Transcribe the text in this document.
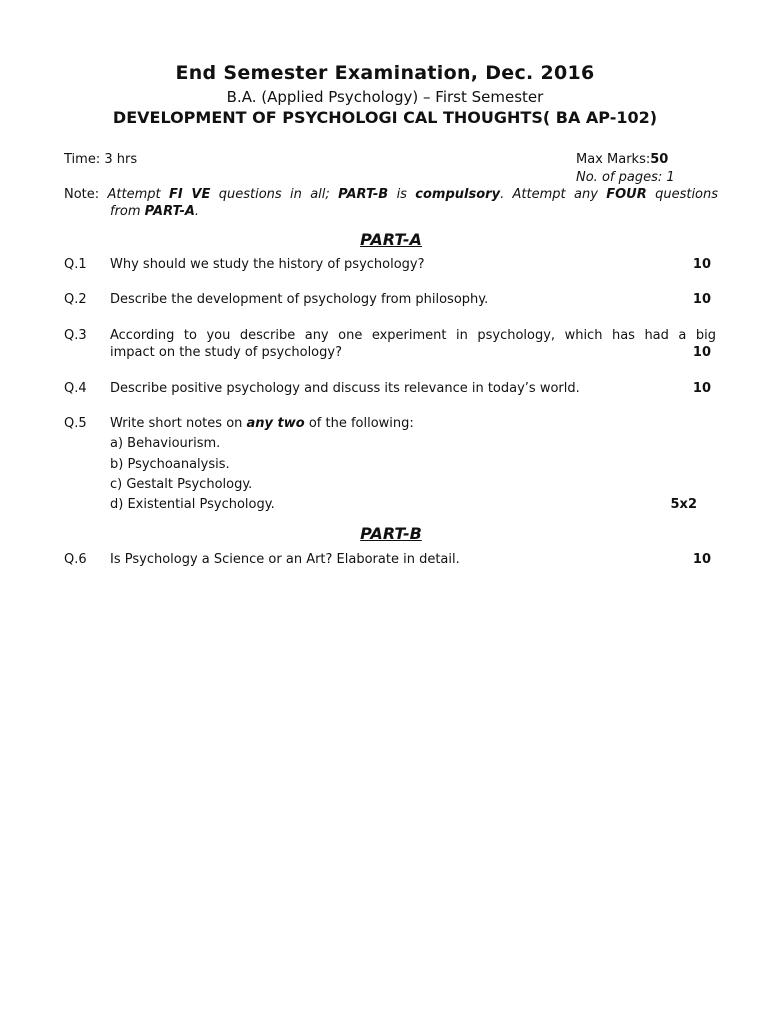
End Semester Examination, Dec. 2016
B.A. (Applied Psychology) – First Semester
DEVELOPMENT OF PSYCHOLOGI CAL THOUGHTS( BA AP-102)
Time: 3 hrs	Max Marks:50
No. of pages: 1
Note: Attempt FI VE questions in all; PART-B is compulsory. Attempt any FOUR questions
from PART-A.
PART-A
Q.1 Why should we study the history of psychology?	10
Q.2 Describe the development of psychology from philosophy.	10
Q.3 According to you describe any one experiment in psychology, which has had a big
impact on the study of psychology?	10
Q.4 Describe positive psychology and discuss its relevance in today’s world.	10
Q.5 Write short notes on any two of the following:
a) Behaviourism.
b) Psychoanalysis.
c) Gestalt Psychology.
d) Existential Psychology.	5x2
PART-B
Q.6 Is Psychology a Science or an Art? Elaborate in detail.	10
